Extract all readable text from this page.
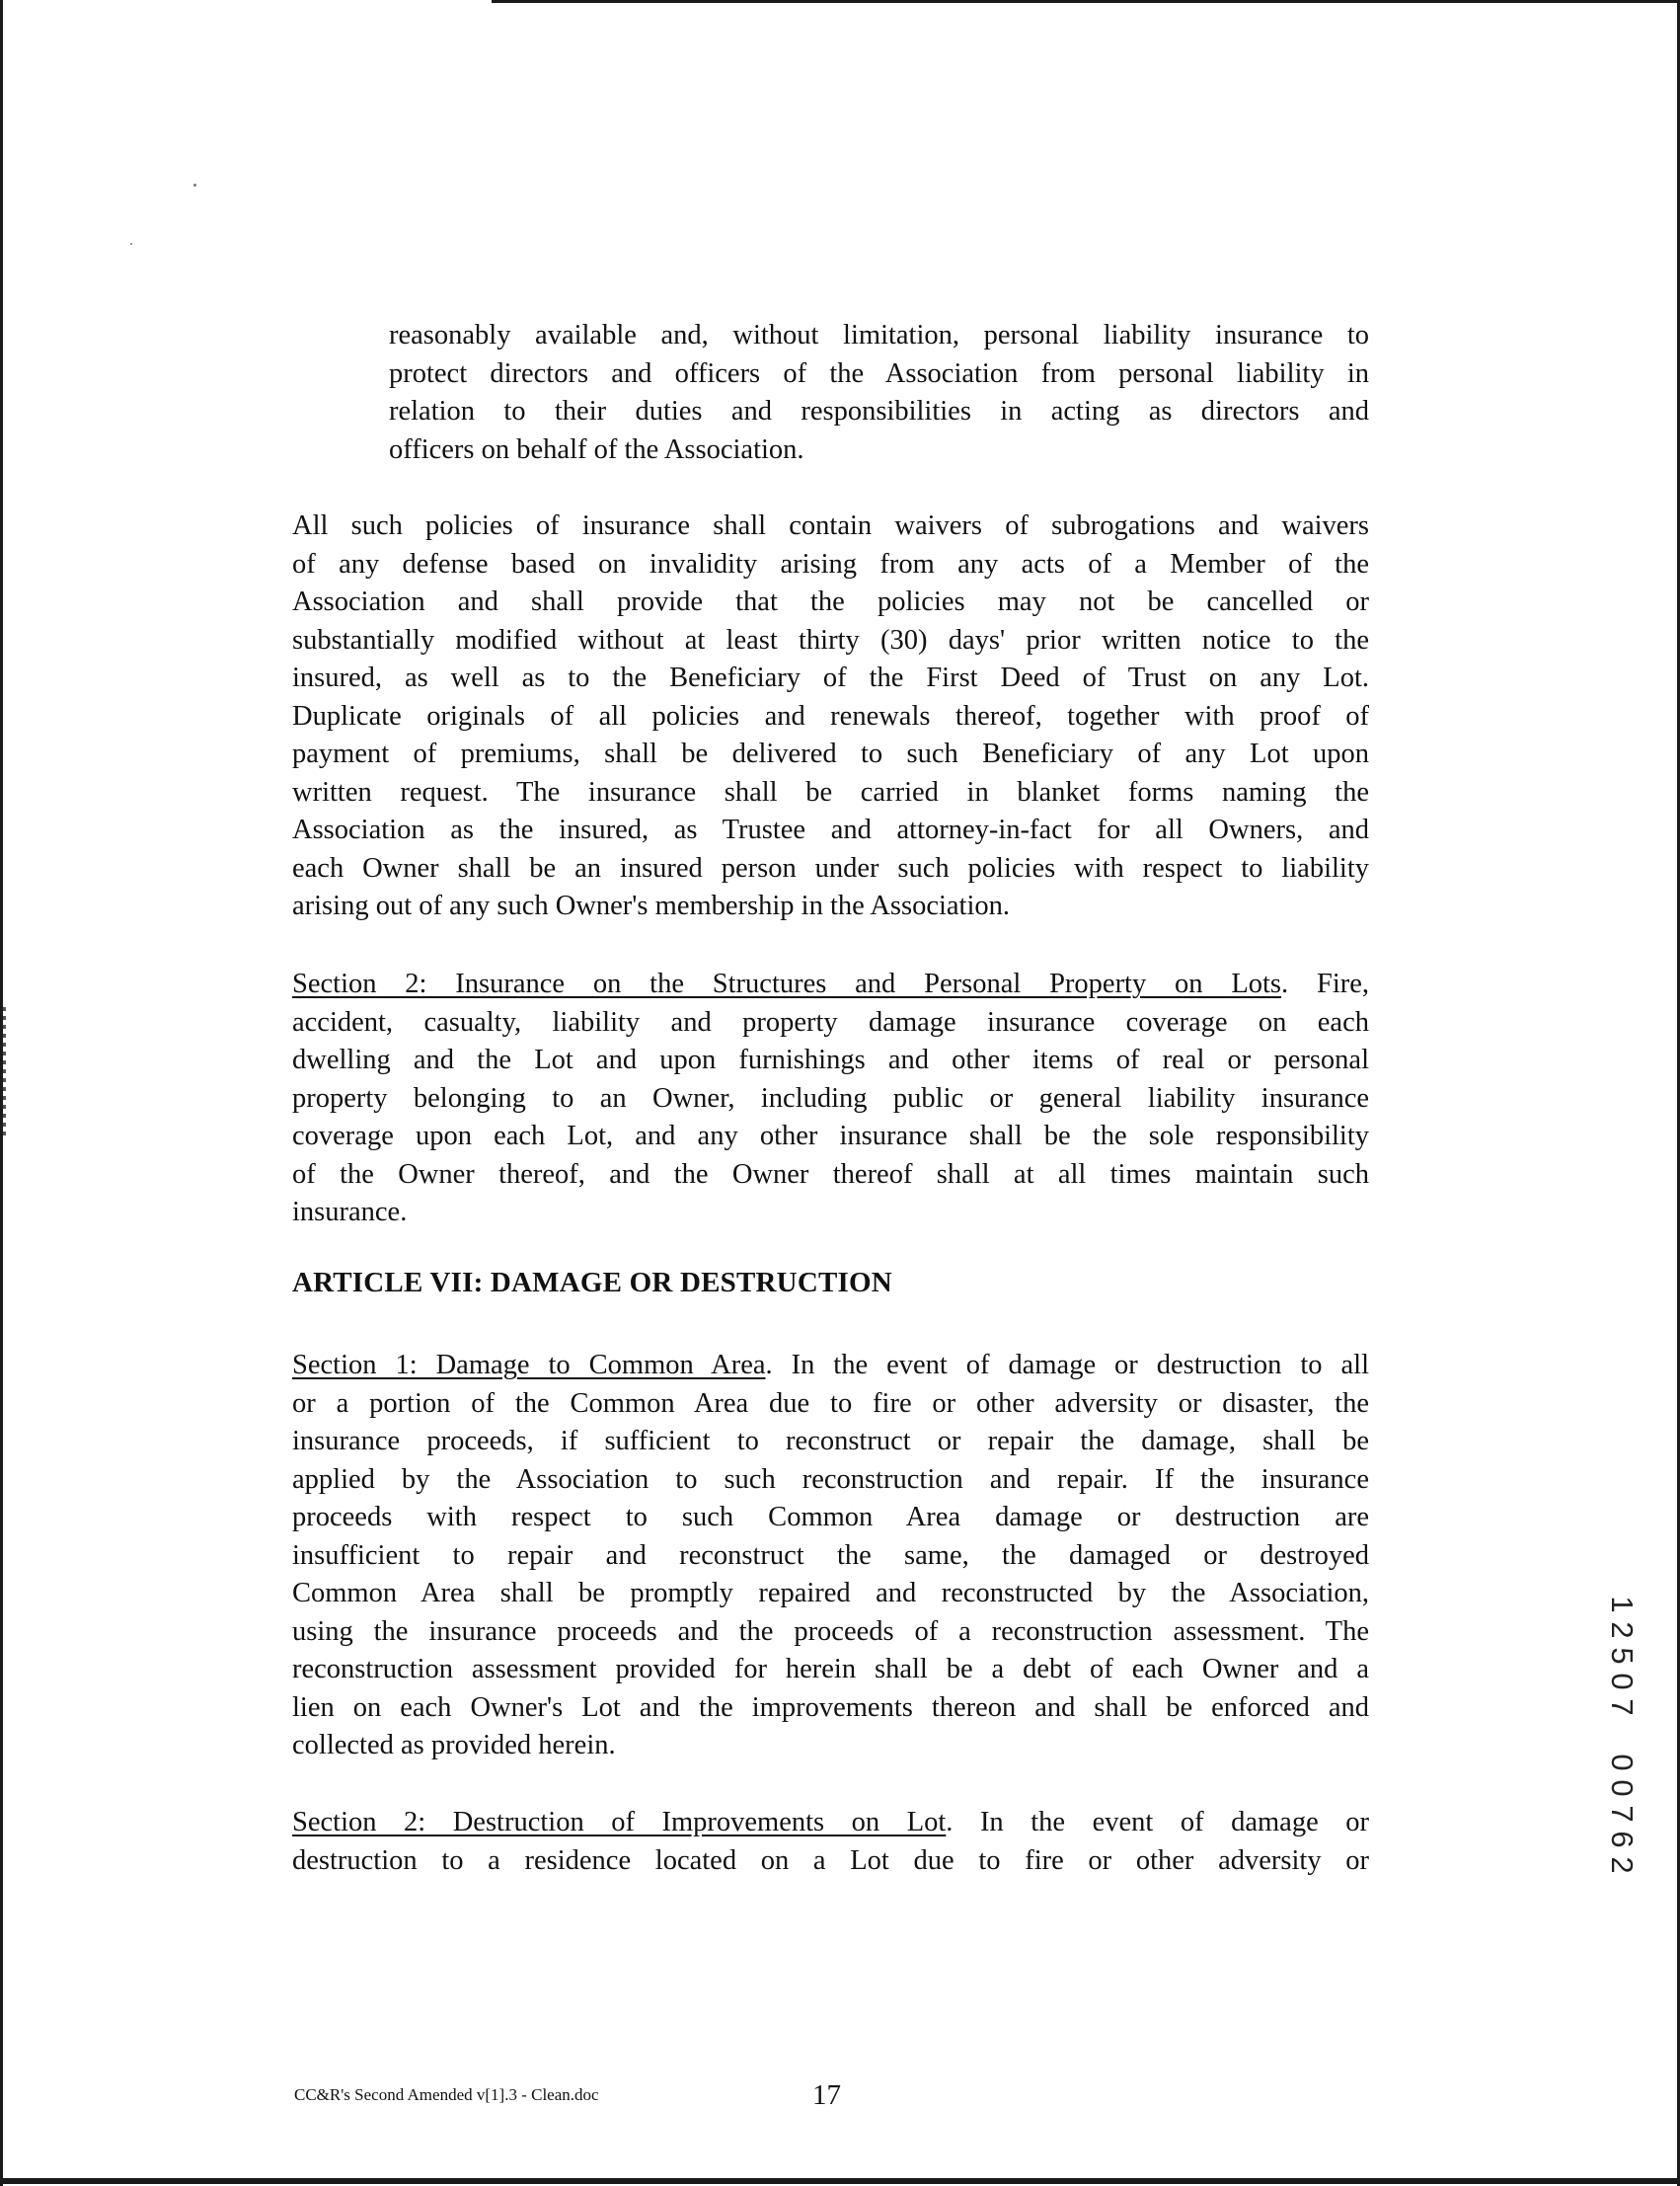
reasonably available and, without limitation, personal liability insurance to
protect directors and officers of the Association from personal liability in
relation to their duties and responsibilities in acting as directors and
officers on behalf of the Association.
All such policies of insurance shall contain waivers of subrogations and waivers
of any defense based on invalidity arising from any acts of a Member of the
Association and shall provide that the policies may not be cancelled or
substantially modified without at least thirty (30) days' prior written notice to the
insured, as well as to the Beneficiary of the First Deed of Trust on any Lot.
Duplicate originals of all policies and renewals thereof, together with proof of
payment of premiums, shall be delivered to such Beneficiary of any Lot upon
written request. The insurance shall be carried in blanket forms naming the
Association as the insured, as Trustee and attorney-in-fact for all Owners, and
each Owner shall be an insured person under such policies with respect to liability
arising out of any such Owner's membership in the Association.
Section 2: Insurance on the Structures and Personal Property on Lots. Fire,
accident, casualty, liability and property damage insurance coverage on each
dwelling and the Lot and upon furnishings and other items of real or personal
property belonging to an Owner, including public or general liability insurance
coverage upon each Lot, and any other insurance shall be the sole responsibility
of the Owner thereof, and the Owner thereof shall at all times maintain such
insurance.
ARTICLE VII: DAMAGE OR DESTRUCTION
Section 1: Damage to Common Area. In the event of damage or destruction to all
or a portion of the Common Area due to fire or other adversity or disaster, the
insurance proceeds, if sufficient to reconstruct or repair the damage, shall be
applied by the Association to such reconstruction and repair. If the insurance
proceeds with respect to such Common Area damage or destruction are
insufficient to repair and reconstruct the same, the damaged or destroyed
Common Area shall be promptly repaired and reconstructed by the Association,
using the insurance proceeds and the proceeds of a reconstruction assessment. The
reconstruction assessment provided for herein shall be a debt of each Owner and a
lien on each Owner's Lot and the improvements thereon and shall be enforced and
collected as provided herein.
Section 2: Destruction of Improvements on Lot. In the event of damage or
destruction to a residence located on a Lot due to fire or other adversity or
1
2
5
0
7
0
0
7
6
2
CC&R's Second Amended v[1].3 - Clean.doc	17
